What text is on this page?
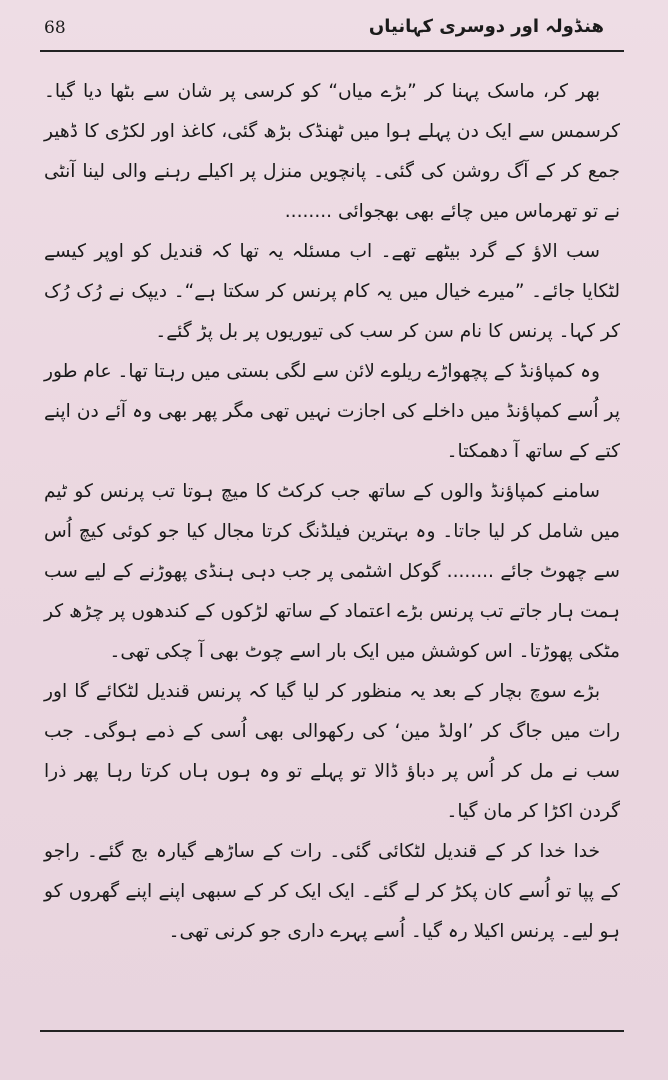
68	ھنڈولہ اور دوسری کہانیاں

بھر کر، ماسک پہنا کر ”بڑے میاں“ کو کرسی پر شان سے بٹھا دیا گیا۔ کرسمس سے ایک دن پہلے ہوا میں ٹھنڈک بڑھ گئی، کاغذ اور لکڑی کا ڈھیر جمع کر کے آگ روشن کی گئی۔ پانچویں منزل پر اکیلے رہنے والی لینا آنٹی نے تو تھرماس میں چائے بھی بھجوائی ........

سب الاؤ کے گرد بیٹھے تھے۔ اب مسئلہ یہ تھا کہ قندیل کو اوپر کیسے لٹکایا جائے۔ ”میرے خیال میں یہ کام پرنس کر سکتا ہے“۔ دیپک نے رُک رُک کر کہا۔ پرنس کا نام سن کر سب کی تیوریوں پر بل پڑ گئے۔

وہ کمپاؤنڈ کے پچھواڑے ریلوے لائن سے لگی بستی میں رہتا تھا۔ عام طور پر اُسے کمپاؤنڈ میں داخلے کی اجازت نہیں تھی مگر پھر بھی وہ آئے دن اپنے کتے کے ساتھ آ دھمکتا۔

سامنے کمپاؤنڈ والوں کے ساتھ جب کرکٹ کا میچ ہوتا تب پرنس کو ٹیم میں شامل کر لیا جاتا۔ وہ بہترین فیلڈنگ کرتا مجال کیا جو کوئی کیچ اُس سے چھوٹ جائے ........ گوکل اشٹمی پر جب دہی ہنڈی پھوڑنے کے لیے سب ہمت ہار جاتے تب پرنس بڑے اعتماد کے ساتھ لڑکوں کے کندھوں پر چڑھ کر مٹکی پھوڑتا۔ اس کوشش میں ایک بار اسے چوٹ بھی آ چکی تھی۔

بڑے سوچ بچار کے بعد یہ منظور کر لیا گیا کہ پرنس قندیل لٹکائے گا اور رات میں جاگ کر ’اولڈ مین‘ کی رکھوالی بھی اُسی کے ذمے ہوگی۔ جب سب نے مل کر اُس پر دباؤ ڈالا تو پہلے تو وہ ہوں ہاں کرتا رہا پھر ذرا گردن اکڑا کر مان گیا۔

خدا خدا کر کے قندیل لٹکائی گئی۔ رات کے ساڑھے گیارہ بج گئے۔ راجو کے پپا تو اُسے کان پکڑ کر لے گئے۔ ایک ایک کر کے سبھی اپنے اپنے گھروں کو ہو لیے۔ پرنس اکیلا رہ گیا۔ اُسے پہرے داری جو کرنی تھی۔
